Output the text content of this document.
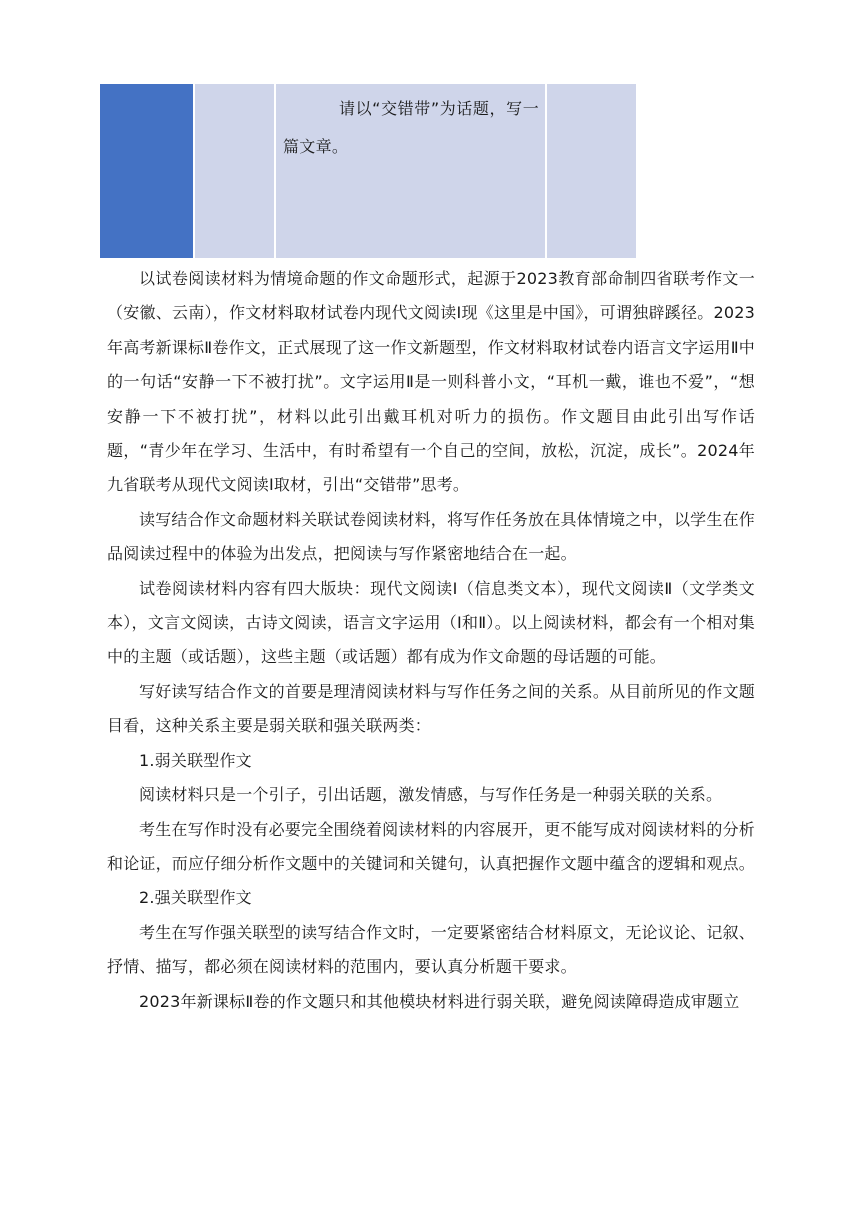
请以“交错带”为话题，写一篇文章。

以试卷阅读材料为情境命题的作文命题形式，起源于2023教育部命制四省联考作文一（安徽、云南），作文材料取材试卷内现代文阅读Ⅰ现《这里是中国》，可谓独辟蹊径。2023年高考新课标Ⅱ卷作文，正式展现了这一作文新题型，作文材料取材试卷内语言文字运用Ⅱ中的一句话“安静一下不被打扰”。文字运用Ⅱ是一则科普小文，“耳机一戴，谁也不爱”，“想安静一下不被打扰”，材料以此引出戴耳机对听力的损伤。作文题目由此引出写作话题，“青少年在学习、生活中，有时希望有一个自己的空间，放松，沉淀，成长”。2024年九省联考从现代文阅读Ⅰ取材，引出“交错带”思考。

读写结合作文命题材料关联试卷阅读材料，将写作任务放在具体情境之中，以学生在作品阅读过程中的体验为出发点，把阅读与写作紧密地结合在一起。

试卷阅读材料内容有四大版块：现代文阅读Ⅰ（信息类文本），现代文阅读Ⅱ（文学类文本），文言文阅读，古诗文阅读，语言文字运用（Ⅰ和Ⅱ）。以上阅读材料，都会有一个相对集中的主题（或话题），这些主题（或话题）都有成为作文命题的母话题的可能。

写好读写结合作文的首要是理清阅读材料与写作任务之间的关系。从目前所见的作文题目看，这种关系主要是弱关联和强关联两类：

1.弱关联型作文

阅读材料只是一个引子，引出话题，激发情感，与写作任务是一种弱关联的关系。

考生在写作时没有必要完全围绕着阅读材料的内容展开，更不能写成对阅读材料的分析和论证，而应仔细分析作文题中的关键词和关键句，认真把握作文题中蕴含的逻辑和观点。

2.强关联型作文

考生在写作强关联型的读写结合作文时，一定要紧密结合材料原文，无论议论、记叙、抒情、描写，都必须在阅读材料的范围内，要认真分析题干要求。

2023年新课标Ⅱ卷的作文题只和其他模块材料进行弱关联，避免阅读障碍造成审题立
